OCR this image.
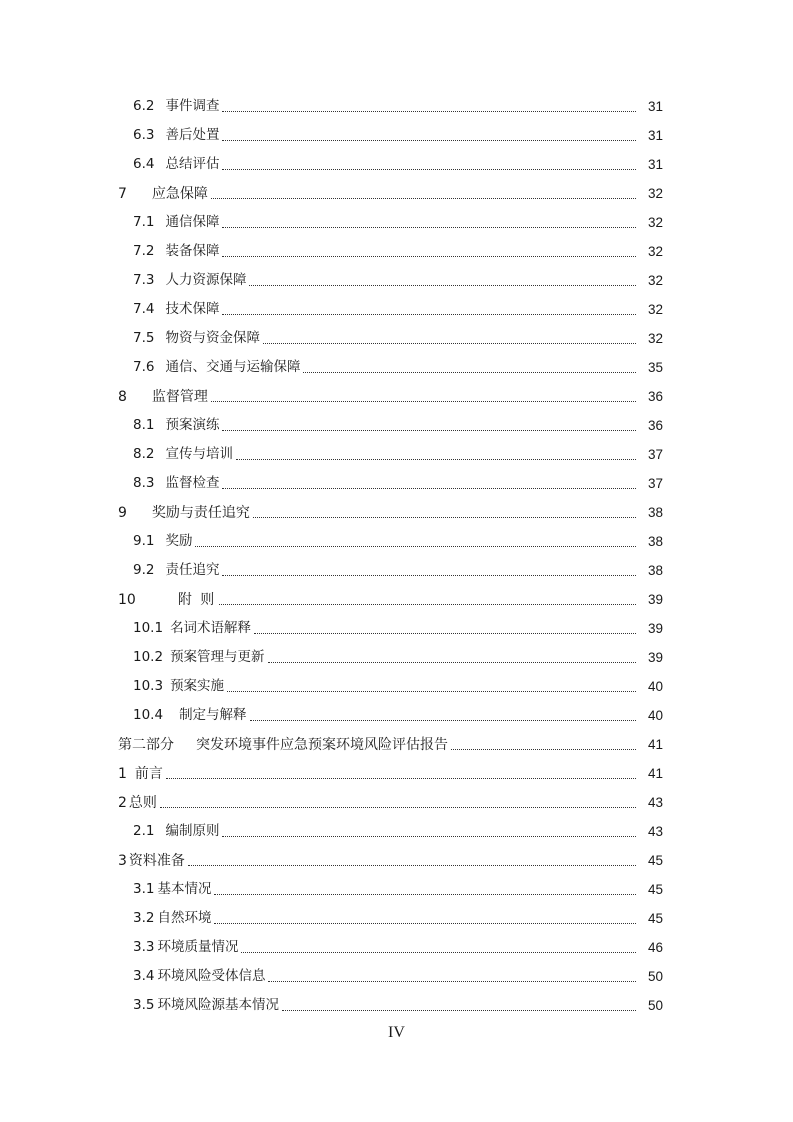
6.2 事件调查	31
6.3 善后处置	31
6.4 总结评估	31
7 应急保障	32
7.1 通信保障	32
7.2 装备保障	32
7.3 人力资源保障	32
7.4 技术保障	32
7.5 物资与资金保障	32
7.6 通信、交通与运输保障	35
8 监督管理	36
8.1 预案演练	36
8.2 宣传与培训	37
8.3 监督检查	37
9 奖励与责任追究	38
9.1 奖励	38
9.2 责任追究	38
10	附 则	39
10.1 名词术语解释	39
10.2 预案管理与更新	39
10.3 预案实施	40
10.4 制定与解释	40
第二部分 突发环境事件应急预案环境风险评估报告	41
1 前言	41
2 总则	43
2.1 编制原则	43
3 资料准备	45
3.1 基本情况	45
3.2 自然环境	45
3.3 环境质量情况	46
3.4 环境风险受体信息	50
3.5 环境风险源基本情况	50
IV
